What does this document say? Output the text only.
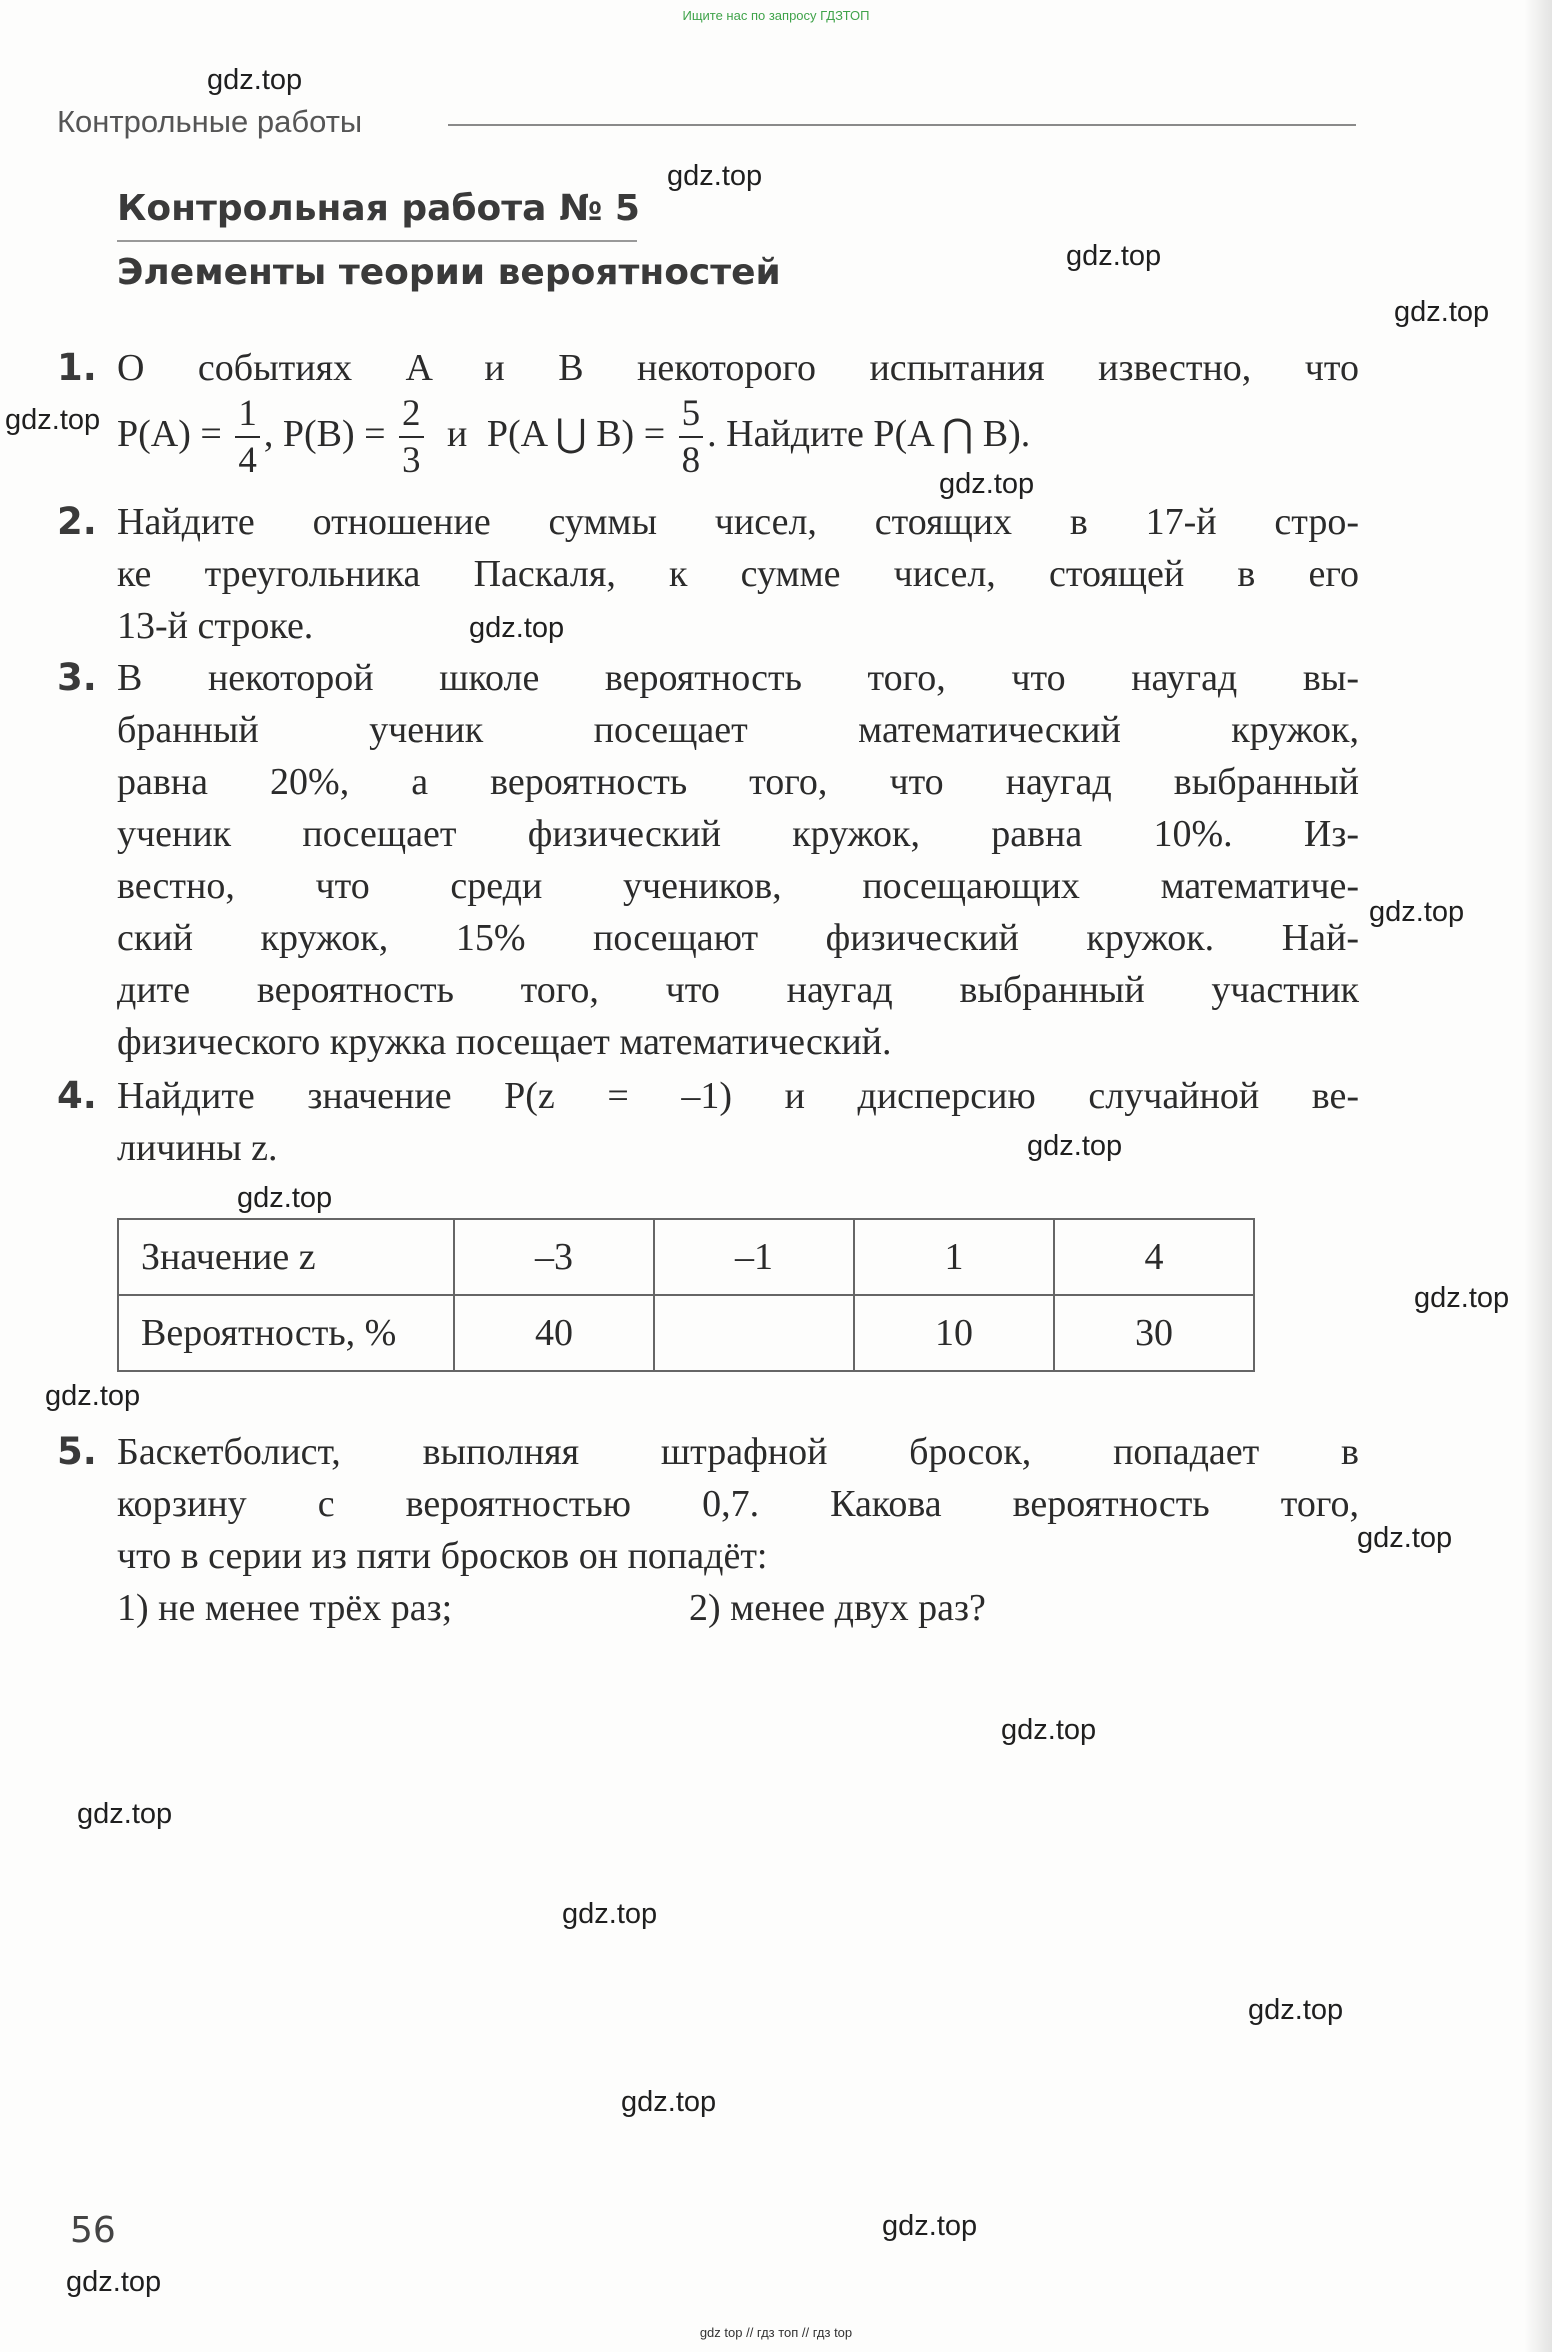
Ищите нас по запросу ГДЗТОП
Контрольные работы
Контрольная работа № 5
Элементы теории вероятностей
1. О событиях A и B некоторого испытания известно, что
$P(A) = \frac{1}{4}$ , $P(B) = \frac{2}{3}$ и P(A ⋃ $B) = \frac{5}{8}$ . Найдите P(A ⋂ B).
2. Найдите отношение суммы чисел, стоящих в 17-й стро-
ке треугольника Паскаля, к сумме чисел, стоящей в его
13-й строке.
3. В некоторой школе вероятность того, что наугад вы-
бранный ученик посещает математический кружок,
равна 20%, а вероятность того, что наугад выбранный
ученик посещает физический кружок, равна 10%. Из-
вестно, что среди учеников, посещающих математиче-
ский кружок, 15% посещают физический кружок. Най-
дите вероятность того, что наугад выбранный участник
физического кружка посещает математический.
4. Найдите значение P(z = –1) и дисперсию случайной ве-
личины z.
Значение z	–3	–1	1	4
Вероятность, %	40		10	30
5. Баскетболист, выполняя штрафной бросок, попадает в
корзину с вероятностью 0,7. Какова вероятность того,
что в серии из пяти бросков он попадёт:
1) не менее трёх раз;	2) менее двух раз?
56
gdz.top
gdz.top
gdz.top
gdz.top
gdz.top
gdz.top
gdz.top
gdz.top
gdz.top
gdz.top
gdz.top
gdz.top
gdz.top
gdz.top
gdz.top
gdz.top
gdz.top
gdz.top
gdz.top
gdz.top
gdz top // гдз топ // гдз top
